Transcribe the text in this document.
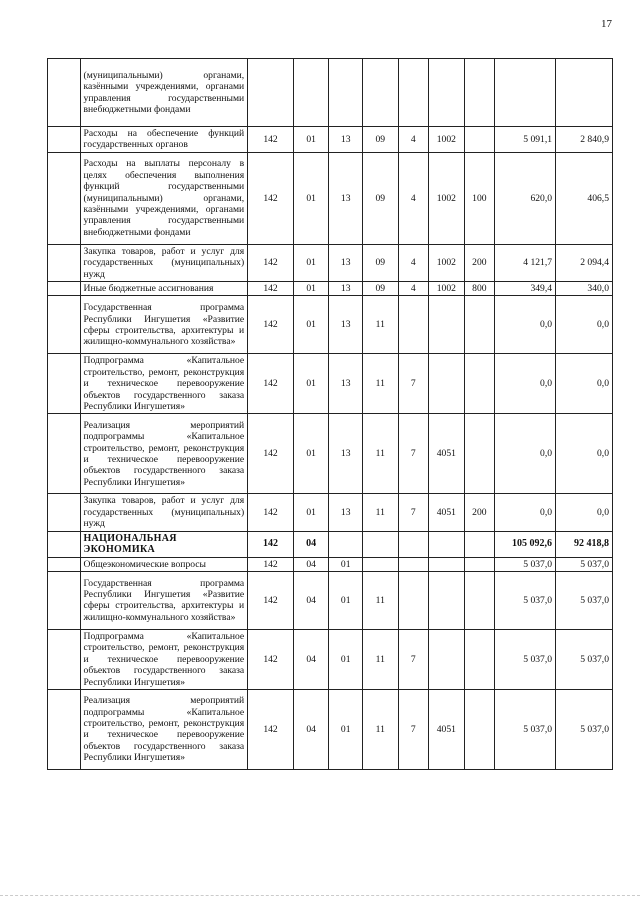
17
	(муниципальными) органами, казёнными учреждениями, органами управления государственными внебюджетными фондами									
	Расходы на обеспечение функций государственных органов	142	01	13	09	4	1002		5 091,1	2 840,9
	Расходы на выплаты персоналу в целях обеспечения выполнения функций государственными (муниципальными) органами, казёнными учреждениями, органами управления государственными внебюджетными фондами	142	01	13	09	4	1002	100	620,0	406,5
	Закупка товаров, работ и услуг для государственных (муниципальных) нужд	142	01	13	09	4	1002	200	4 121,7	2 094,4
	Иные бюджетные ассигнования	142	01	13	09	4	1002	800	349,4	340,0
	Государственная программа Республики Ингушетия «Развитие сферы строительства, архитектуры и жилищно-коммунального хозяйства»	142	01	13	11				0,0	0,0
	Подпрограмма «Капитальное строительство, ремонт, реконструкция и техническое перевооружение объектов государственного заказа Республики Ингушетия»	142	01	13	11	7			0,0	0,0
	Реализация мероприятий подпрограммы «Капитальное строительство, ремонт, реконструкция и техническое перевооружение объектов государственного заказа Республики Ингушетия»	142	01	13	11	7	4051		0,0	0,0
	Закупка товаров, работ и услуг для государственных (муниципальных) нужд	142	01	13	11	7	4051	200	0,0	0,0
	НАЦИОНАЛЬНАЯ ЭКОНОМИКА	142	04						105 092,6	92 418,8
	Общеэкономические вопросы	142	04	01					5 037,0	5 037,0
	Государственная программа Республики Ингушетия «Развитие сферы строительства, архитектуры и жилищно-коммунального хозяйства»	142	04	01	11				5 037,0	5 037,0
	Подпрограмма «Капитальное строительство, ремонт, реконструкция и техническое перевооружение объектов государственного заказа Республики Ингушетия»	142	04	01	11	7			5 037,0	5 037,0
	Реализация мероприятий подпрограммы «Капитальное строительство, ремонт, реконструкция и техническое перевооружение объектов государственного заказа Республики Ингушетия»	142	04	01	11	7	4051		5 037,0	5 037,0
